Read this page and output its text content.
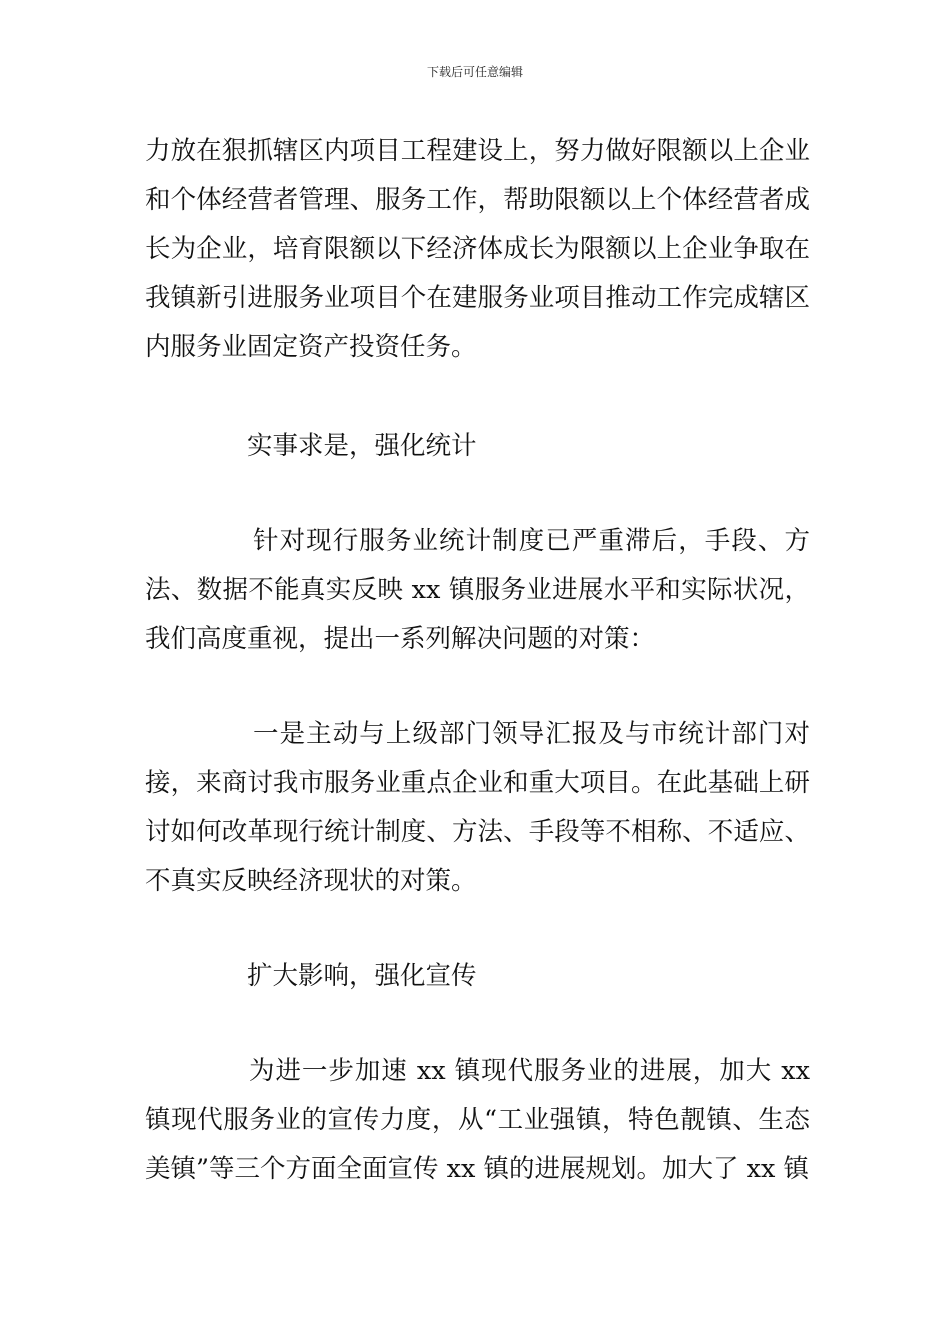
下载后可任意编辑

力放在狠抓辖区内项目工程建设上，努力做好限额以上企业和个体经营者管理、服务工作，帮助限额以上个体经营者成长为企业，培育限额以下经济体成长为限额以上企业争取在我镇新引进服务业项目个在建服务业项目推动工作完成辖区内服务业固定资产投资任务。

实事求是，强化统计

针对现行服务业统计制度已严重滞后，手段、方法、数据不能真实反映 xx 镇服务业进展水平和实际状况，我们高度重视，提出一系列解决问题的对策：

一是主动与上级部门领导汇报及与市统计部门对接，来商讨我市服务业重点企业和重大项目。在此基础上研讨如何改革现行统计制度、方法、手段等不相称、不适应、不真实反映经济现状的对策。

扩大影响，强化宣传

为进一步加速 xx 镇现代服务业的进展，加大 xx 镇现代服务业的宣传力度，从“工业强镇，特色靓镇、生态美镇”等三个方面全面宣传 xx 镇的进展规划。加大了 xx 镇
